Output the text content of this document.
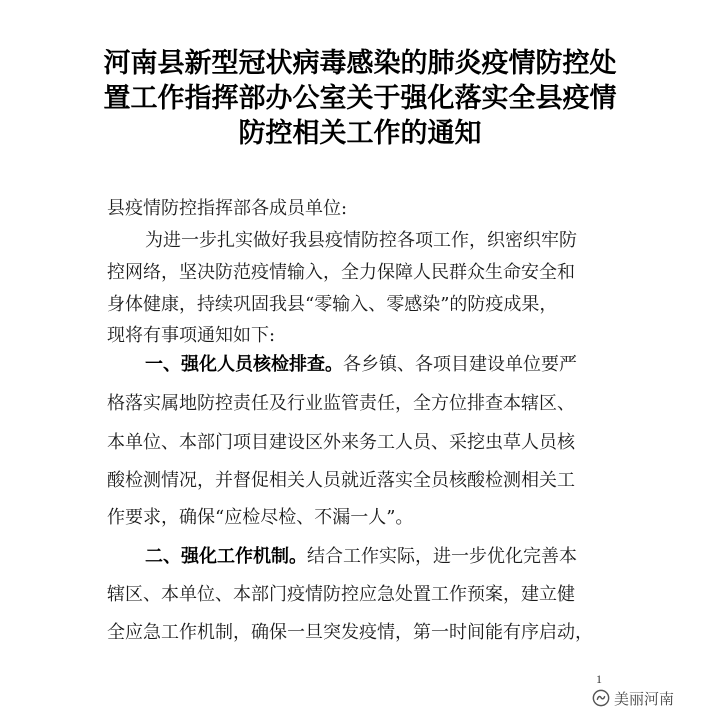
河南县新型冠状病毒感染的肺炎疫情防控处
置工作指挥部办公室关于强化落实全县疫情
防控相关工作的通知
县疫情防控指挥部各成员单位:
为进一步扎实做好我县疫情防控各项工作，织密织牢防
控网络，坚决防范疫情输入，全力保障人民群众生命安全和
身体健康，持续巩固我县“零输入、零感染”的防疫成果，
现将有事项通知如下:
一、强化人员核检排查。各乡镇、各项目建设单位要严
格落实属地防控责任及行业监管责任，全方位排查本辖区、
本单位、本部门项目建设区外来务工人员、采挖虫草人员核
酸检测情况，并督促相关人员就近落实全员核酸检测相关工
作要求，确保“应检尽检、不漏一人”。
二、强化工作机制。结合工作实际，进一步优化完善本
辖区、本单位、本部门疫情防控应急处置工作预案，建立健
全应急工作机制，确保一旦突发疫情，第一时间能有序启动，
1
美丽河南
